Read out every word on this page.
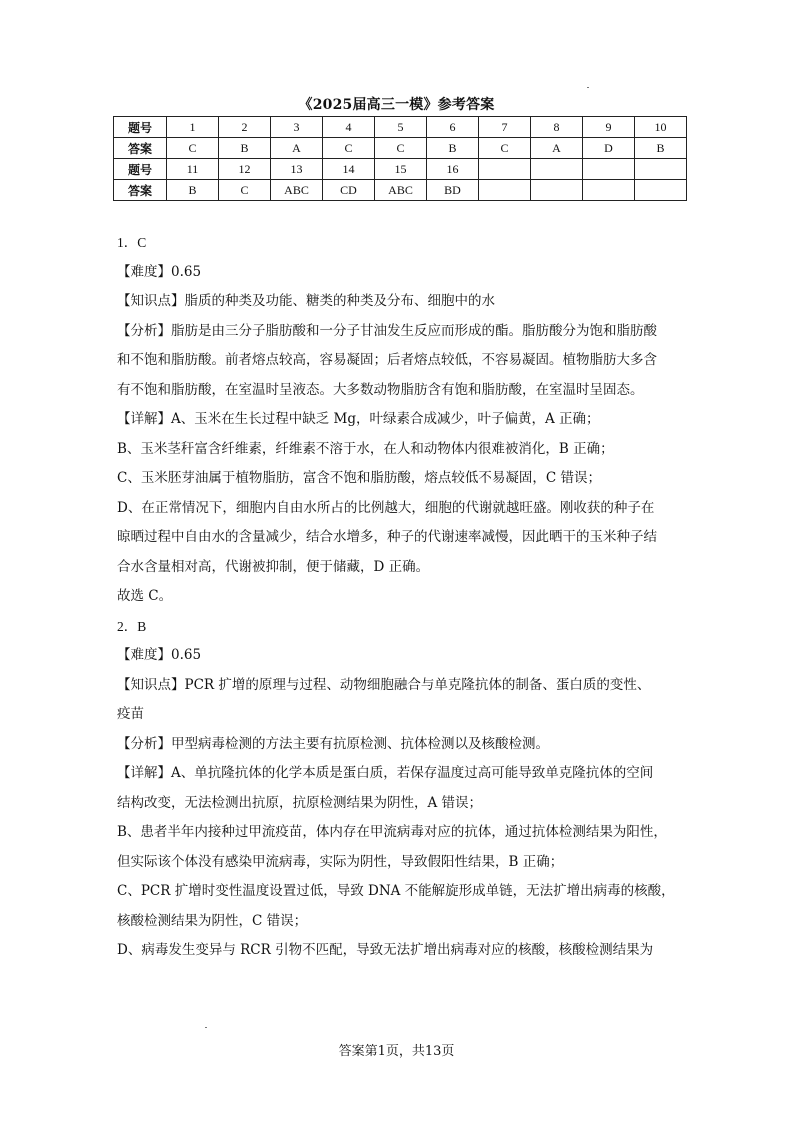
《2025届高三一模》参考答案
题号	1	2	3	4	5	6	7	8	9	10
答案	C	B	A	C	C	B	C	A	D	B
题号	11	12	13	14	15	16				
答案	B	C	ABC	CD	ABC	BD				

1．C

【难度】0.65

【知识点】脂质的种类及功能、糖类的种类及分布、细胞中的水

【分析】脂肪是由三分子脂肪酸和一分子甘油发生反应而形成的酯。脂肪酸分为饱和脂肪酸

和不饱和脂肪酸。前者熔点较高，容易凝固；后者熔点较低，不容易凝固。植物脂肪大多含

有不饱和脂肪酸，在室温时呈液态。大多数动物脂肪含有饱和脂肪酸，在室温时呈固态。

【详解】A、玉米在生长过程中缺乏 Mg，叶绿素合成减少，叶子偏黄，A 正确；

B、玉米茎秆富含纤维素，纤维素不溶于水，在人和动物体内很难被消化，B 正确；

C、玉米胚芽油属于植物脂肪，富含不饱和脂肪酸，熔点较低不易凝固，C 错误；

D、在正常情况下，细胞内自由水所占的比例越大，细胞的代谢就越旺盛。刚收获的种子在

晾晒过程中自由水的含量减少，结合水增多，种子的代谢速率减慢，因此晒干的玉米种子结

合水含量相对高，代谢被抑制，便于储藏，D 正确。

故选 C。

2．B

【难度】0.65

【知识点】PCR 扩增的原理与过程、动物细胞融合与单克隆抗体的制备、蛋白质的变性、

疫苗

【分析】甲型病毒检测的方法主要有抗原检测、抗体检测以及核酸检测。

【详解】A、单抗隆抗体的化学本质是蛋白质，若保存温度过高可能导致单克隆抗体的空间

结构改变，无法检测出抗原，抗原检测结果为阴性，A 错误；

B、患者半年内接种过甲流疫苗，体内存在甲流病毒对应的抗体，通过抗体检测结果为阳性，

但实际该个体没有感染甲流病毒，实际为阴性，导致假阳性结果，B 正确；

C、PCR 扩增时变性温度设置过低，导致 DNA 不能解旋形成单链，无法扩增出病毒的核酸，

核酸检测结果为阴性，C 错误；

D、病毒发生变异与 RCR 引物不匹配，导致无法扩增出病毒对应的核酸，核酸检测结果为

答案第1页，共13页
